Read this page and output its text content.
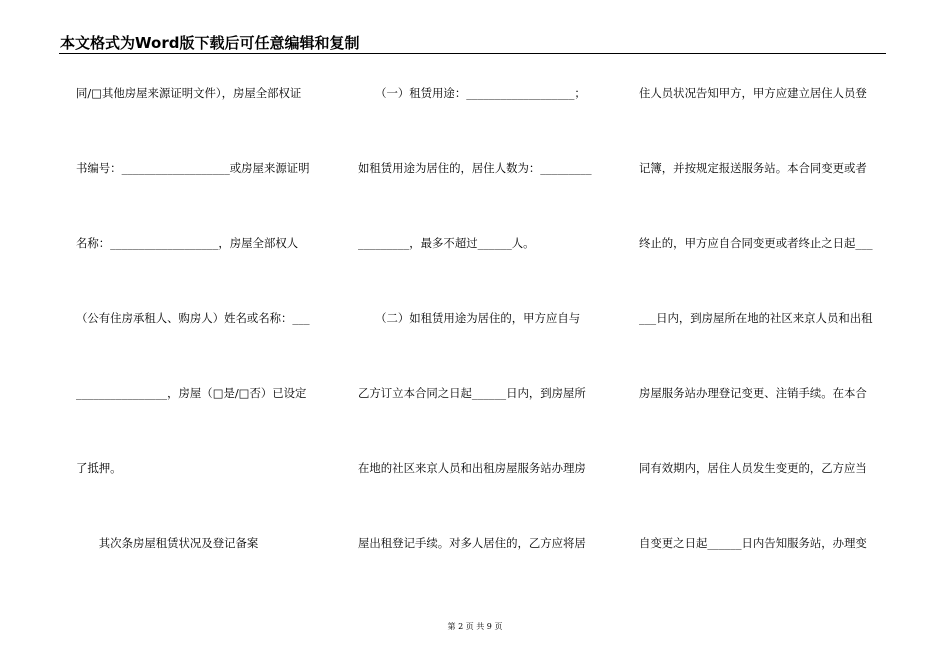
本文格式为Word版下载后可任意编辑和复制
同/□其他房屋来源证明文件），房屋全部权证
书编号：___________________或房屋来源证明
名称：___________________，房屋全部权人
（公有住房承租人、购房人）姓名或名称：___
________________，房屋（□是/□否）已设定
了抵押。
　　其次条房屋租赁状况及登记备案
　　（一）租赁用途：___________________；
如租赁用途为居住的，居住人数为：_________
_________，最多不超过______人。
　　（二）如租赁用途为居住的，甲方应自与
乙方订立本合同之日起______日内，到房屋所
在地的社区来京人员和出租房屋服务站办理房
屋出租登记手续。对多人居住的，乙方应将居
住人员状况告知甲方，甲方应建立居住人员登
记簿，并按规定报送服务站。本合同变更或者
终止的，甲方应自合同变更或者终止之日起___
___日内，到房屋所在地的社区来京人员和出租
房屋服务站办理登记变更、注销手续。在本合
同有效期内，居住人员发生变更的，乙方应当
自变更之日起______日内告知服务站，办理变
第 2 页 共 9 页
